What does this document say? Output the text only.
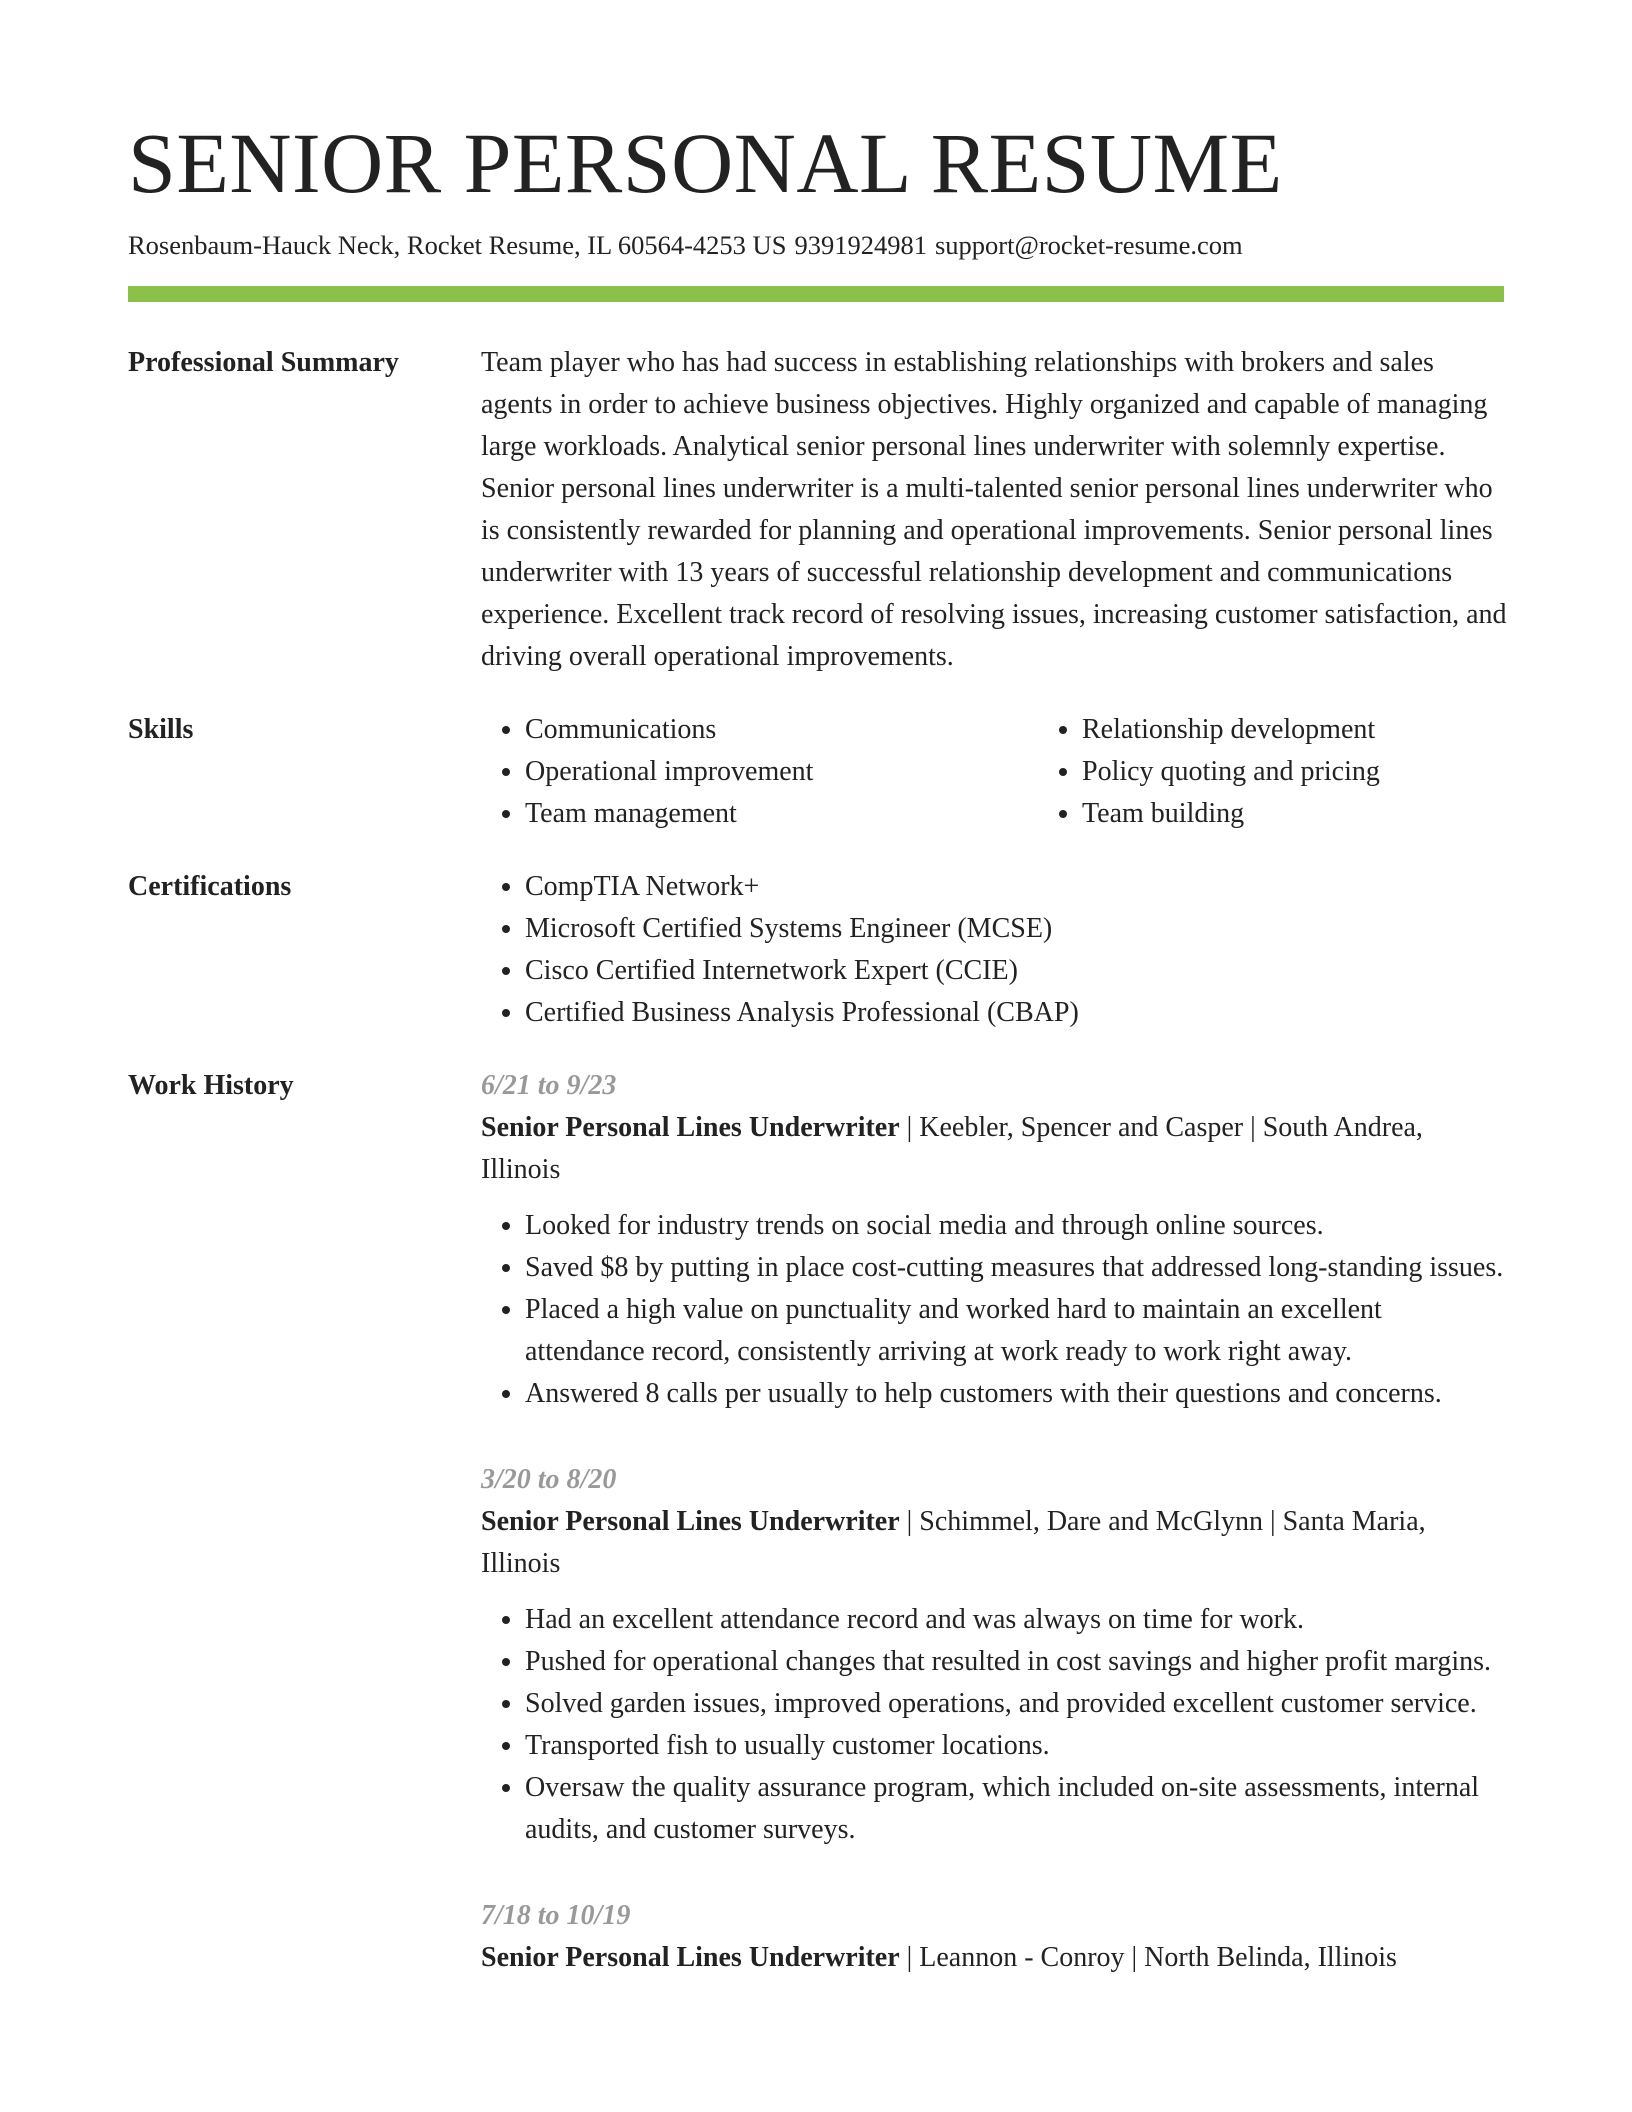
SENIOR PERSONAL RESUME
Rosenbaum-Hauck Neck, Rocket Resume, IL 60564-4253 US 9391924981 support@rocket-resume.com
Professional Summary	Team player who has had success in establishing relationships with brokers and sales agents in order to achieve business objectives. Highly organized and capable of managing large workloads. Analytical senior personal lines underwriter with solemnly expertise. Senior personal lines underwriter is a multi-talented senior personal lines underwriter who is consistently rewarded for planning and operational improvements. Senior personal lines underwriter with 13 years of successful relationship development and communications experience. Excellent track record of resolving issues, increasing customer satisfaction, and driving overall operational improvements.

Skills	• Communications
• Operational improvement
• Team management
• Relationship development
• Policy quoting and pricing
• Team building
Certifications	• CompTIA Network+
• Microsoft Certified Systems Engineer (MCSE)
• Cisco Certified Internetwork Expert (CCIE)
• Certified Business Analysis Professional (CBAP)
Work History	6/21 to 9/23
Senior Personal Lines Underwriter | Keebler, Spencer and Casper | South Andrea, Illinois
• Looked for industry trends on social media and through online sources.
• Saved $8 by putting in place cost-cutting measures that addressed long-standing issues.
• Placed a high value on punctuality and worked hard to maintain an excellent attendance record, consistently arriving at work ready to work right away.
• Answered 8 calls per usually to help customers with their questions and concerns.
3/20 to 8/20
Senior Personal Lines Underwriter | Schimmel, Dare and McGlynn | Santa Maria, Illinois
• Had an excellent attendance record and was always on time for work.
• Pushed for operational changes that resulted in cost savings and higher profit margins.
• Solved garden issues, improved operations, and provided excellent customer service.
• Transported fish to usually customer locations.
• Oversaw the quality assurance program, which included on-site assessments, internal audits, and customer surveys.
7/18 to 10/19
Senior Personal Lines Underwriter | Leannon - Conroy | North Belinda, Illinois
